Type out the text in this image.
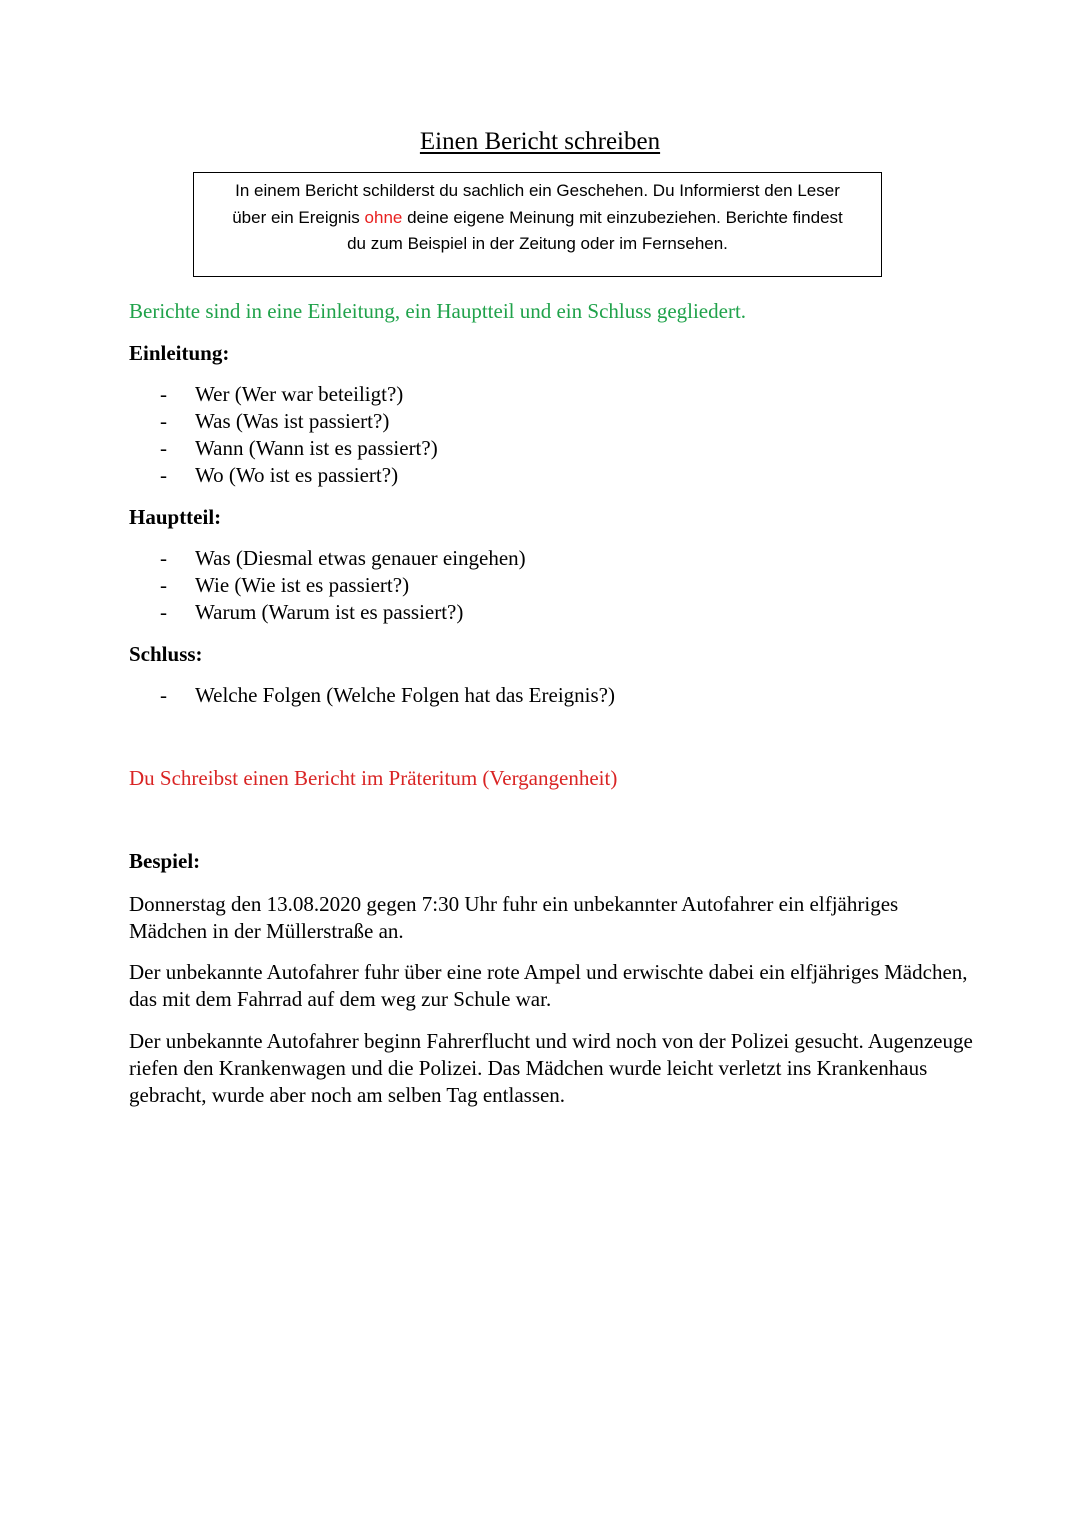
Einen Bericht schreiben
In einem Bericht schilderst du sachlich ein Geschehen. Du Informierst den Leser
über ein Ereignis ohne deine eigene Meinung mit einzubeziehen. Berichte findest
du zum Beispiel in der Zeitung oder im Fernsehen.
Berichte sind in eine Einleitung, ein Hauptteil und ein Schluss gegliedert.
Einleitung:
- Wer (Wer war beteiligt?)
- Was (Was ist passiert?)
- Wann (Wann ist es passiert?)
- Wo (Wo ist es passiert?)
Hauptteil:
- Was (Diesmal etwas genauer eingehen)
- Wie (Wie ist es passiert?)
- Warum (Warum ist es passiert?)
Schluss:
- Welche Folgen (Welche Folgen hat das Ereignis?)
Du Schreibst einen Bericht im Präteritum (Vergangenheit)
Bespiel:
Donnerstag den 13.08.2020 gegen 7:30 Uhr fuhr ein unbekannter Autofahrer ein elfjähriges Mädchen in der Müllerstraße an.
Der unbekannte Autofahrer fuhr über eine rote Ampel und erwischte dabei ein elfjähriges Mädchen, das mit dem Fahrrad auf dem weg zur Schule war.
Der unbekannte Autofahrer beginn Fahrerflucht und wird noch von der Polizei gesucht. Augenzeuge riefen den Krankenwagen und die Polizei. Das Mädchen wurde leicht verletzt ins Krankenhaus gebracht, wurde aber noch am selben Tag entlassen.
